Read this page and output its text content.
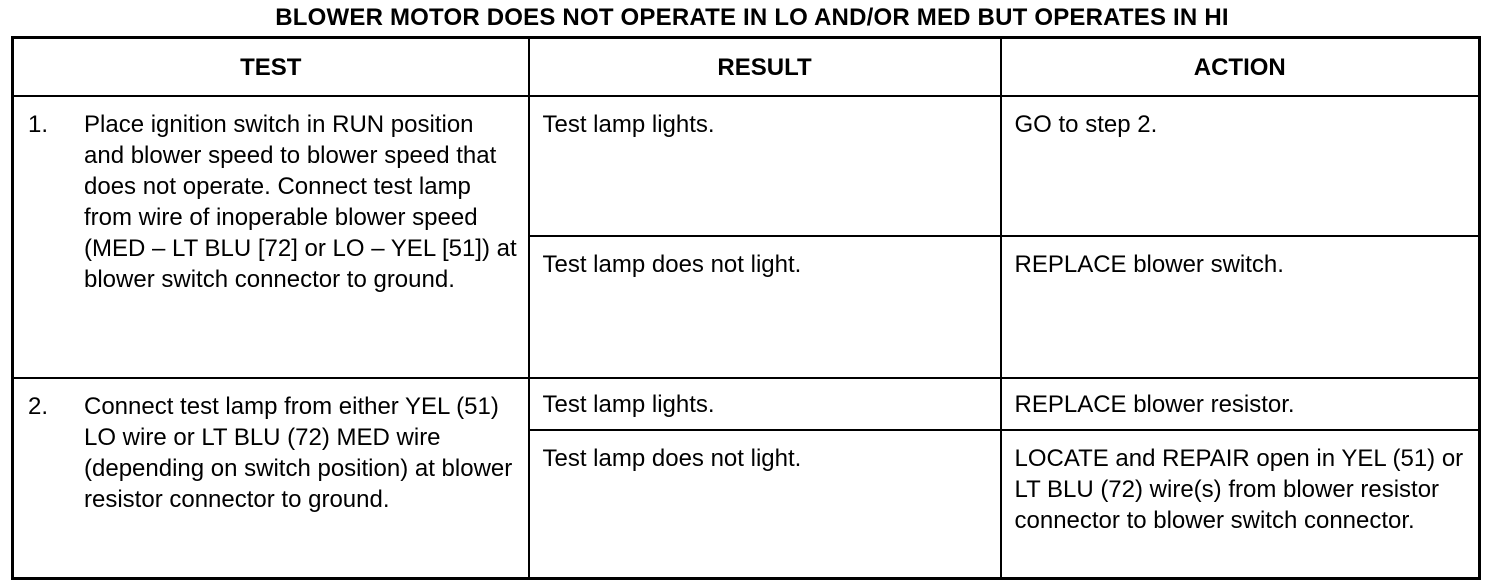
BLOWER MOTOR DOES NOT OPERATE IN LO AND/OR MED BUT OPERATES IN HI
TEST	RESULT	ACTION

1. Place ignition switch in RUN position and blower speed to blower speed that does not operate. Connect test lamp from wire of inoperable blower speed (MED – LT BLU [72] or LO – YEL [51]) at blower switch connector to ground.	Test lamp lights.	GO to step 2.
	Test lamp does not light.	REPLACE blower switch.

2. Connect test lamp from either YEL (51) LO wire or LT BLU (72) MED wire (depending on switch position) at blower resistor connector to ground.	Test lamp lights.	REPLACE blower resistor.
	Test lamp does not light.	LOCATE and REPAIR open in YEL (51) or LT BLU (72) wire(s) from blower resistor connector to blower switch connector.
